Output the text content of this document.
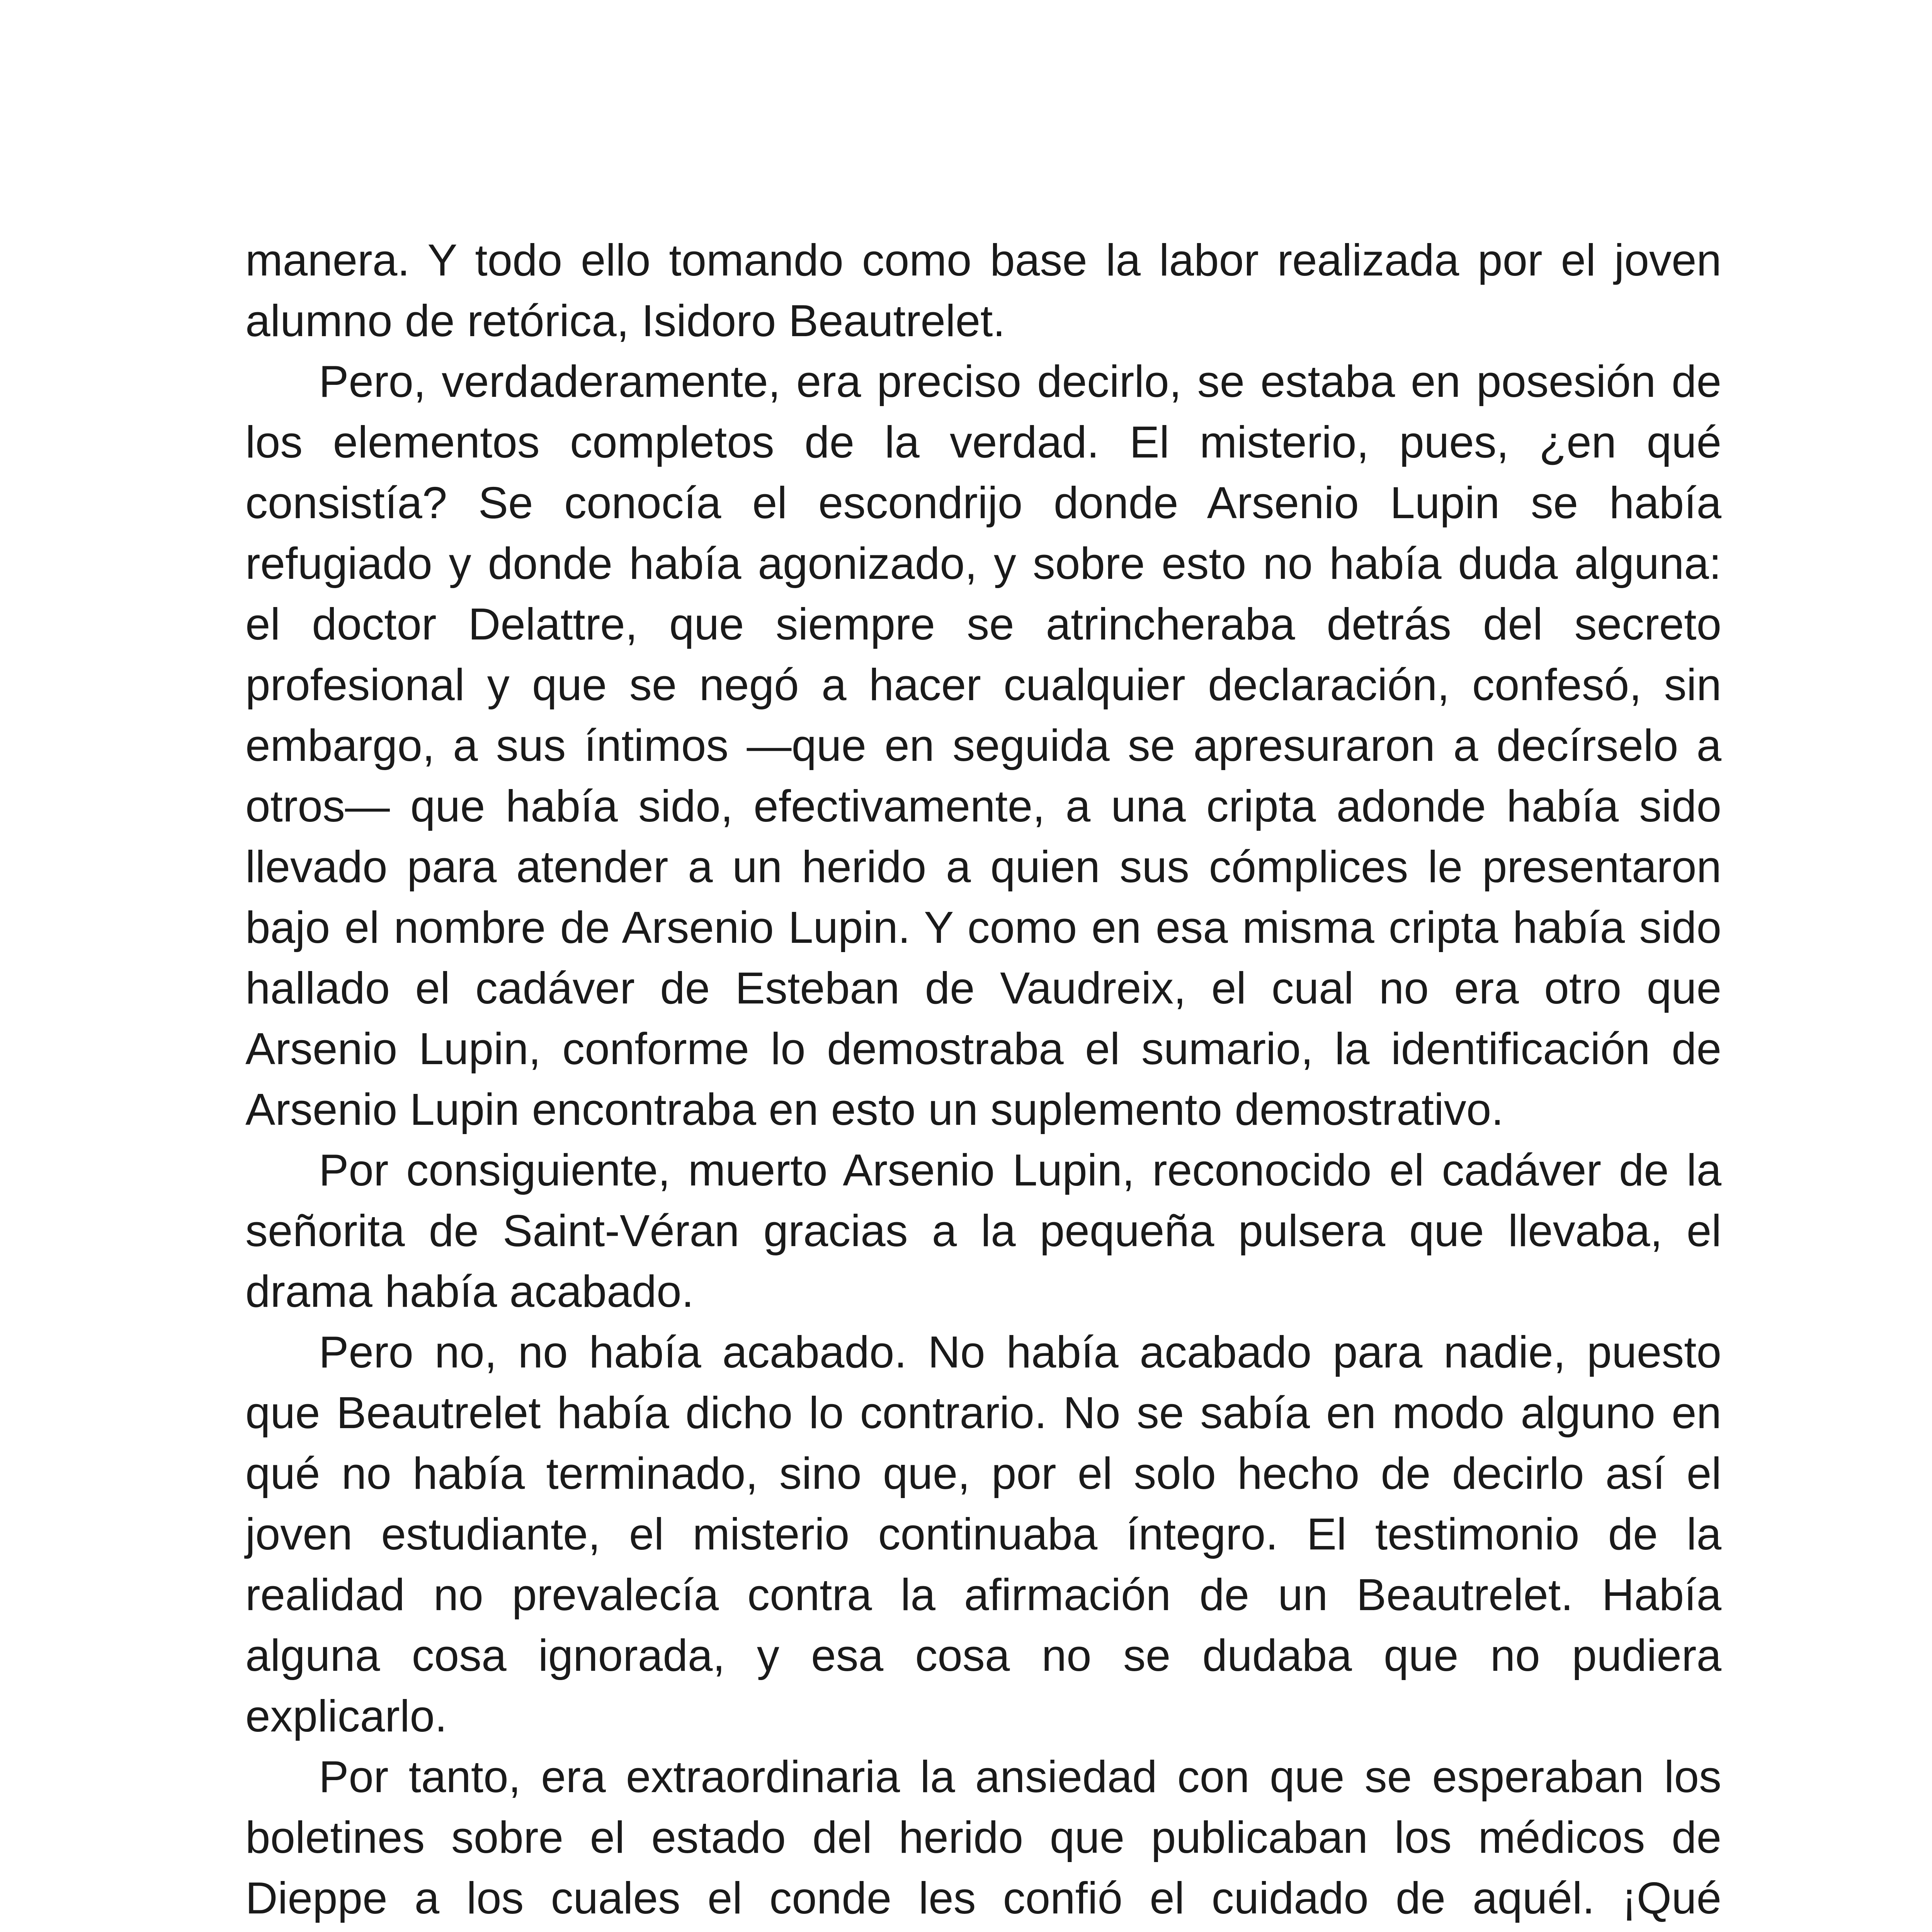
manera. Y todo ello tomando como base la labor realizada por el joven alumno de retórica, Isidoro Beautrelet.

Pero, verdaderamente, era preciso decirlo, se estaba en posesión de los elementos completos de la verdad. El misterio, pues, ¿en qué consistía? Se conocía el escondrijo donde Arsenio Lupin se había refugiado y donde había agonizado, y sobre esto no había duda alguna: el doctor Delattre, que siempre se atrincheraba detrás del secreto profesional y que se negó a hacer cualquier declaración, confesó, sin embargo, a sus íntimos —que en seguida se apresuraron a decírselo a otros— que había sido, efectivamente, a una cripta adonde había sido llevado para atender a un herido a quien sus cómplices le presentaron bajo el nombre de Arsenio Lupin. Y como en esa misma cripta había sido hallado el cadáver de Esteban de Vaudreix, el cual no era otro que Arsenio Lupin, conforme lo demostraba el sumario, la identificación de Arsenio Lupin encontraba en esto un suplemento demostrativo.

Por consiguiente, muerto Arsenio Lupin, reconocido el cadáver de la señorita de Saint-Véran gracias a la pequeña pulsera que llevaba, el drama había acabado.

Pero no, no había acabado. No había acabado para nadie, puesto que Beautrelet había dicho lo contrario. No se sabía en modo alguno en qué no había terminado, sino que, por el solo hecho de decirlo así el joven estudiante, el misterio continuaba íntegro. El testimonio de la realidad no prevalecía contra la afirmación de un Beautrelet. Había alguna cosa ignorada, y esa cosa no se dudaba que no pudiera explicarlo.

Por tanto, era extraordinaria la ansiedad con que se esperaban los boletines sobre el estado del herido que publicaban los médicos de Dieppe a los cuales el conde les confió el cuidado de aquél. ¡Qué
